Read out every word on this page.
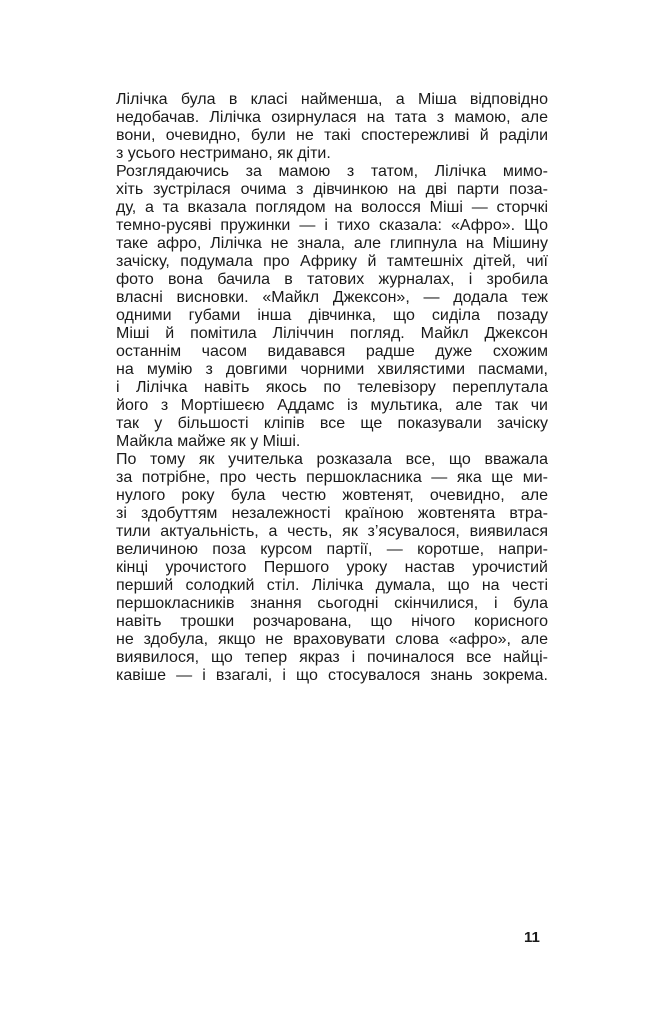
Лілічка була в класі найменша, а Міша відповідно
недобачав. Лілічка озирнулася на тата з мамою, але
вони, очевидно, були не такі спостережливі й раділи
з усього нестримано, як діти.
Розглядаючись за мамою з татом, Лілічка мимо-
хіть зустрілася очима з дівчинкою на дві парти поза-
ду, а та вказала поглядом на волосся Міші — сторчкі
темно-русяві пружинки — і тихо сказала: «Афро». Що
таке афро, Лілічка не знала, але глипнула на Мішину
зачіску, подумала про Африку й тамтешніх дітей, чиї
фото вона бачила в татових журналах, і зробила
власні висновки. «Майкл Джексон», — додала теж
одними губами інша дівчинка, що сиділа позаду
Міші й помітила Ліліччин погляд. Майкл Джексон
останнім часом видавався радше дуже схожим
на мумію з довгими чорними хвилястими пасмами,
і Лілічка навіть якось по телевізору переплутала
його з Мортішеєю Аддамс із мультика, але так чи
так у більшості кліпів все ще показували зачіску
Майкла майже як у Міші.
По тому як учителька розказала все, що вважала
за потрібне, про честь першокласника — яка ще ми-
нулого року була честю жовтенят, очевидно, але
зі здобуттям незалежності країною жовтенята втра-
тили актуальність, а честь, як з’ясувалося, виявилася
величиною поза курсом партії, — коротше, напри-
кінці урочистого Першого уроку настав урочистий
перший солодкий стіл. Лілічка думала, що на честі
першокласників знання сьогодні скінчилися, і була
навіть трошки розчарована, що нічого корисного
не здобула, якщо не враховувати слова «афро», але
виявилося, що тепер якраз і починалося все найці-
кавіше — і взагалі, і що стосувалося знань зокрема.
11
